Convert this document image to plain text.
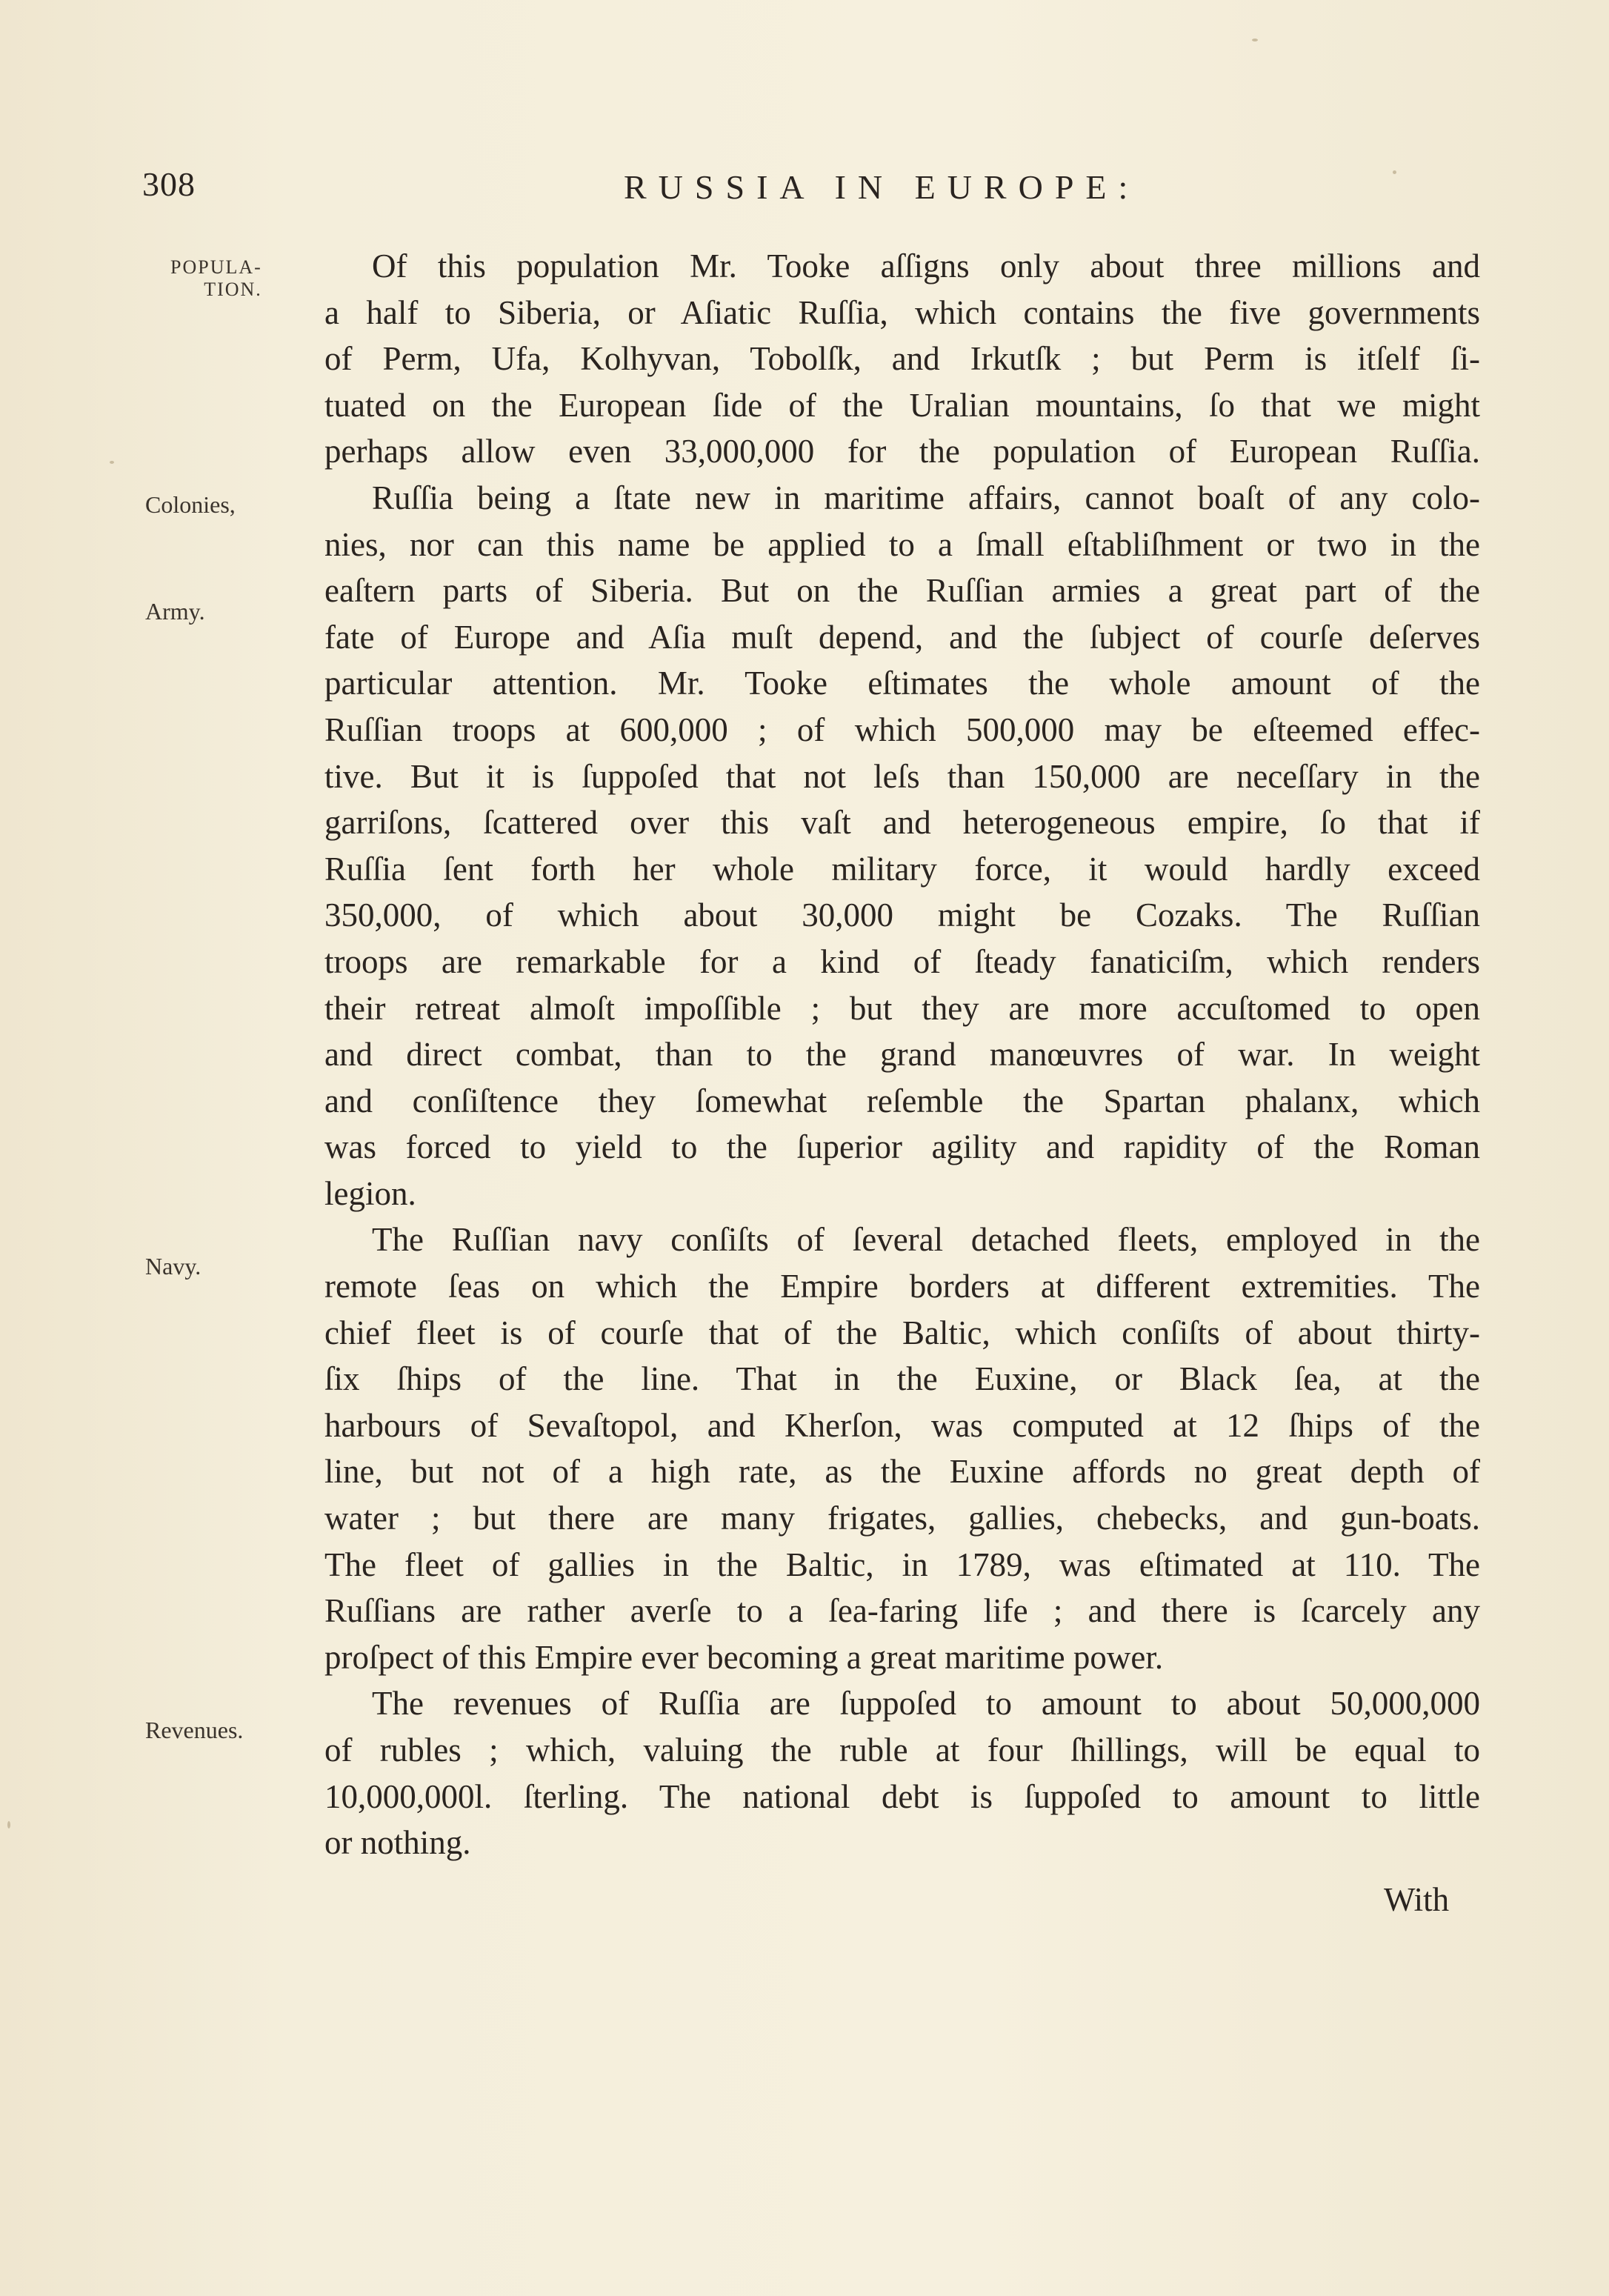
308	RUSSIA IN EUROPE:
POPULA-
TION.
Colonies,
Army.
Navy.
Revenues.
Of this population Mr. Tooke aſſigns only about three millions and
a half to Siberia, or Aſiatic Ruſſia, which contains the five governments
of Perm, Ufa, Kolhyvan, Tobolſk, and Irkutſk ; but Perm is itſelf ſi-
tuated on the European ſide of the Uralian mountains, ſo that we might
perhaps allow even 33,000,000 for the population of European Ruſſia.
Ruſſia being a ſtate new in maritime affairs, cannot boaſt of any colo-
nies, nor can this name be applied to a ſmall eſtabliſhment or two in the
eaſtern parts of Siberia. But on the Ruſſian armies a great part of the
fate of Europe and Aſia muſt depend, and the ſubject of courſe deſerves
particular attention. Mr. Tooke eſtimates the whole amount of the
Ruſſian troops at 600,000 ; of which 500,000 may be eſteemed effec-
tive. But it is ſuppoſed that not leſs than 150,000 are neceſſary in the
garriſons, ſcattered over this vaſt and heterogeneous empire, ſo that if
Ruſſia ſent forth her whole military force, it would hardly exceed
350,000, of which about 30,000 might be Cozaks. The Ruſſian
troops are remarkable for a kind of ſteady fanaticiſm, which renders
their retreat almoſt impoſſible ; but they are more accuſtomed to open
and direct combat, than to the grand manœuvres of war. In weight
and conſiſtence they ſomewhat reſemble the Spartan phalanx, which
was forced to yield to the ſuperior agility and rapidity of the Roman
legion.
The Ruſſian navy conſiſts of ſeveral detached fleets, employed in the
remote ſeas on which the Empire borders at different extremities. The
chief fleet is of courſe that of the Baltic, which conſiſts of about thirty-
ſix ſhips of the line. That in the Euxine, or Black ſea, at the
harbours of Sevaſtopol, and Kherſon, was computed at 12 ſhips of the
line, but not of a high rate, as the Euxine affords no great depth of
water ; but there are many frigates, gallies, chebecks, and gun-boats.
The fleet of gallies in the Baltic, in 1789, was eſtimated at 110. The
Ruſſians are rather averſe to a ſea-faring life ; and there is ſcarcely any
proſpect of this Empire ever becoming a great maritime power.
The revenues of Ruſſia are ſuppoſed to amount to about 50,000,000
of rubles ; which, valuing the ruble at four ſhillings, will be equal to
10,000,000l. ſterling. The national debt is ſuppoſed to amount to little
or nothing.
With
